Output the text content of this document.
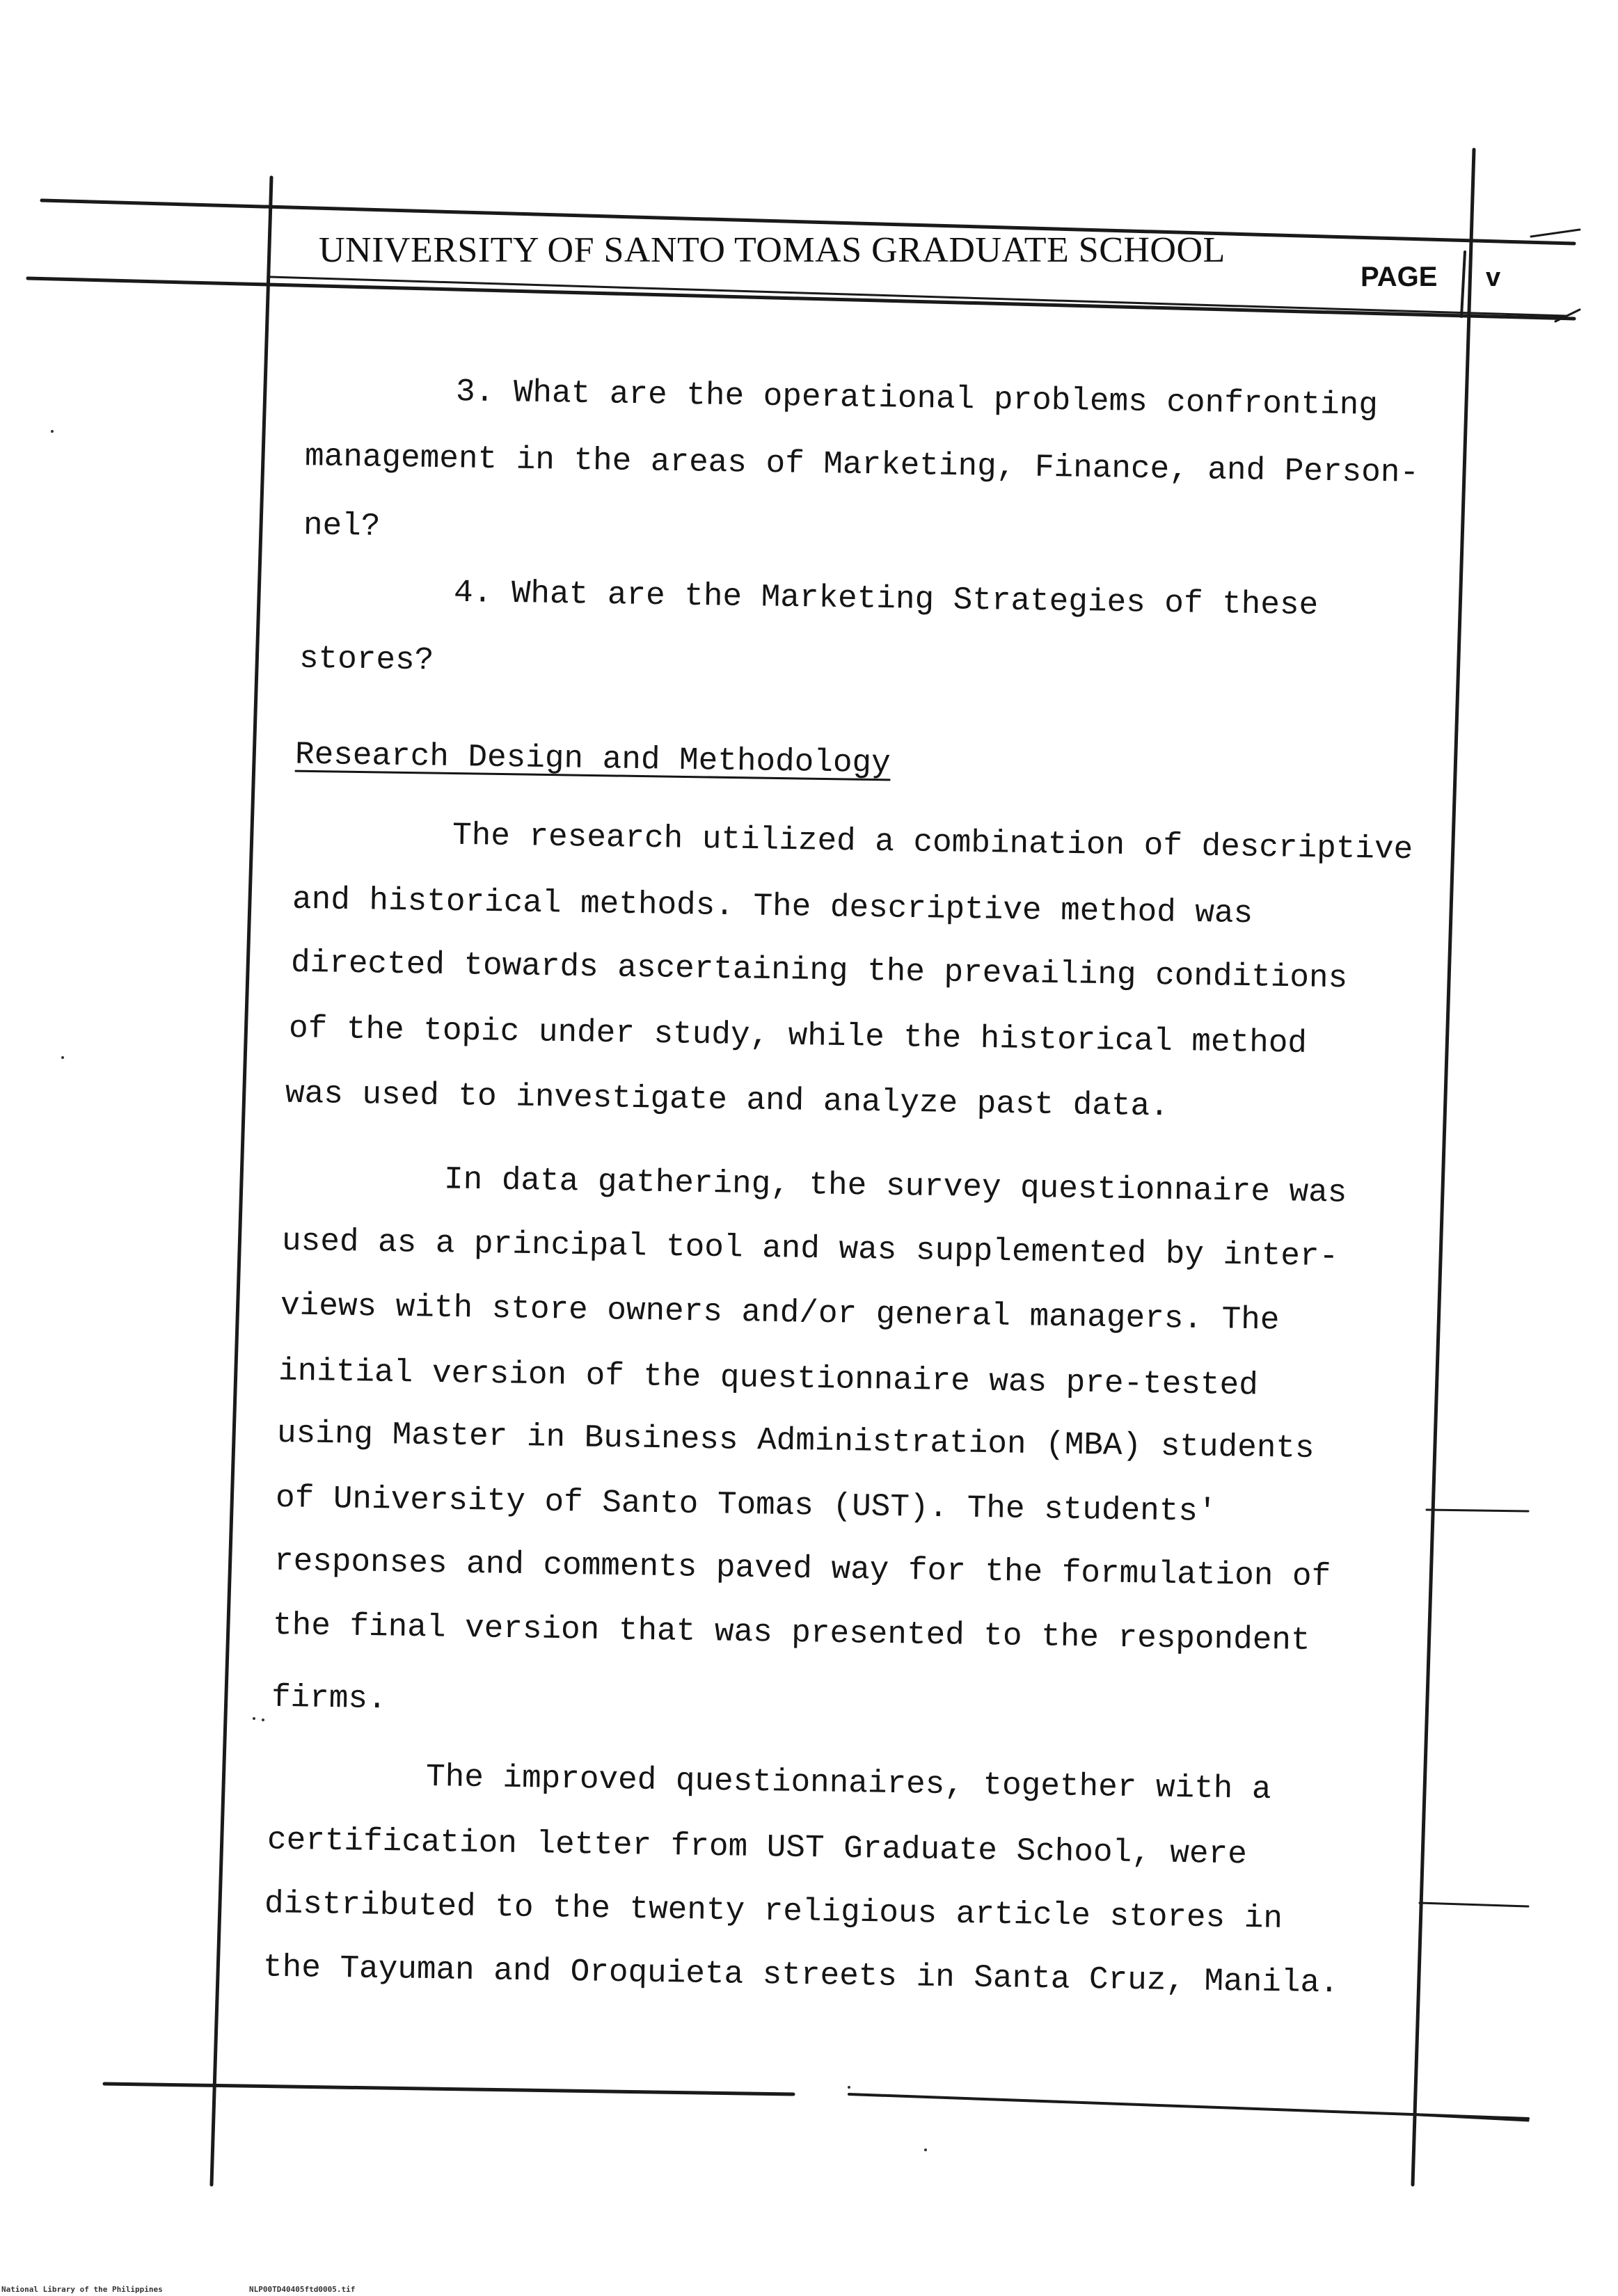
UNIVERSITY OF SANTO TOMAS GRADUATE SCHOOL
PAGE v
3. What are the operational problems confronting
management in the areas of Marketing, Finance, and Person-
nel?
4. What are the Marketing Strategies of these
stores?
Research Design and Methodology
The research utilized a combination of descriptive
and historical methods. The descriptive method was
directed towards ascertaining the prevailing conditions
of the topic under study, while the historical method
was used to investigate and analyze past data.
In data gathering, the survey questionnaire was
used as a principal tool and was supplemented by inter-
views with store owners and/or general managers. The
initial version of the questionnaire was pre-tested
using Master in Business Administration (MBA) students
of University of Santo Tomas (UST). The students'
responses and comments paved way for the formulation of
the final version that was presented to the respondent
firms.
The improved questionnaires, together with a
certification letter from UST Graduate School, were
distributed to the twenty religious article stores in
the Tayuman and Oroquieta streets in Santa Cruz, Manila.
National Library of the Philippines	NLP00TD40405ftd0005.tif
